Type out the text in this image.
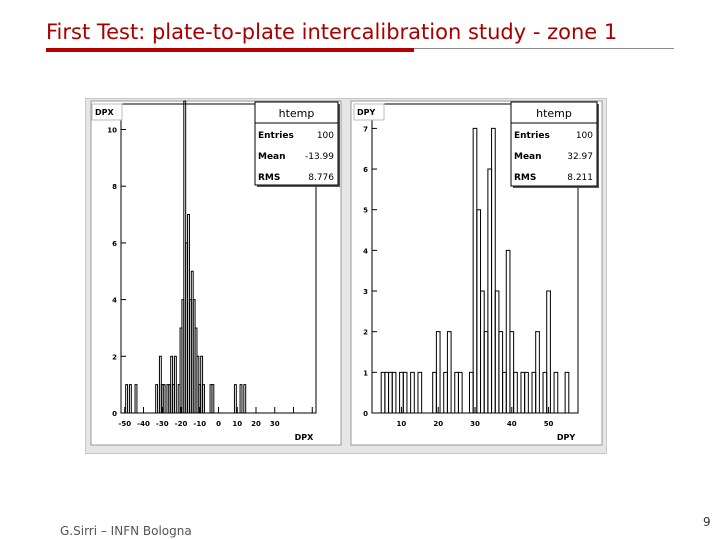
First Test: plate-to-plate intercalibration study - zone 1
0
2
4
6
8
10
-50 -40 -30 -20 -10 0 10 20 30
DPX
DPX	htemp
Entries	100
Mean -13.99
RMS	8.776
0
1
2
3
4
5
6
7
10	20	30	40	50
DPY
DPY	htemp
Entries	100
Mean	32.97
RMS	8.211
G.Sirri – INFN Bologna
9
